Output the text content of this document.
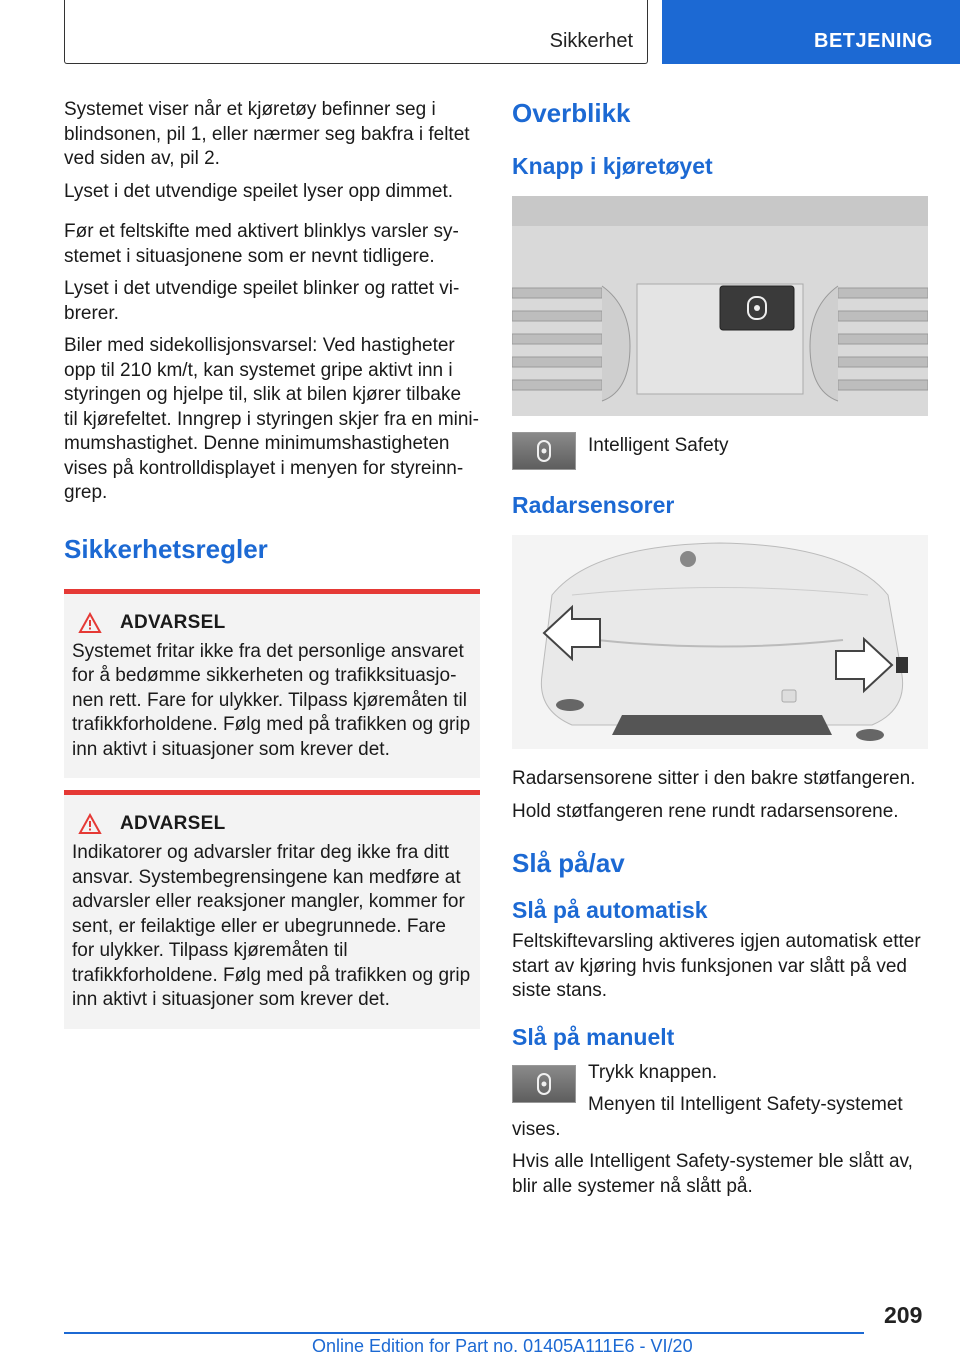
Sikkerhet	BETJENING

Systemet viser når et kjøretøy befinner seg i blindsonen, pil 1, eller nærmer seg bakfra i feltet ved siden av, pil 2.

Lyset i det utvendige speilet lyser opp dimmet.

Før et feltskifte med aktivert blinklys varsler systemet i situasjonene som er nevnt tidligere.

Lyset i det utvendige speilet blinker og rattet vibrerer.

Biler med sidekollisjonsvarsel: Ved hastigheter opp til 210 km/t, kan systemet gripe aktivt inn i styringen og hjelpe til, slik at bilen kjører tilbake til kjørefeltet. Inngrep i styringen skjer fra en minimumshastighet. Denne minimumshastigheten vises på kontrolldisplayet i menyen for styreinngrep.

Sikkerhetsregler
ADVARSEL

Systemet fritar ikke fra det personlige ansvaret for å bedømme sikkerheten og trafikksituasjonen rett. Fare for ulykker. Tilpass kjøremåten til trafikkforholdene. Følg med på trafikken og grip inn aktivt i situasjoner som krever det.

ADVARSEL

Indikatorer og advarsler fritar deg ikke fra ditt ansvar. Systembegrensingene kan medføre at advarsler eller reaksjoner mangler, kommer for sent, er feilaktige eller er ubegrunnede. Fare for ulykker. Tilpass kjøremåten til trafikkforholdene. Følg med på trafikken og grip inn aktivt i situasjoner som krever det.

Overblikk
Knapp i kjøretøyet

Intelligent Safety

Radarsensorer

Radarsensorene sitter i den bakre støtfangeren.

Hold støtfangeren rene rundt radarsensorene.

Slå på/av
Slå på automatisk

Feltskiftevarsling aktiveres igjen automatisk etter start av kjøring hvis funksjonen var slått på ved siste stans.

Slå på manuelt

Trykk knappen.

Menyen til Intelligent Safety-systemet

vises.

Hvis alle Intelligent Safety-systemer ble slått av, blir alle systemer nå slått på.

209
Online Edition for Part no. 01405A111E6 - VI/20
